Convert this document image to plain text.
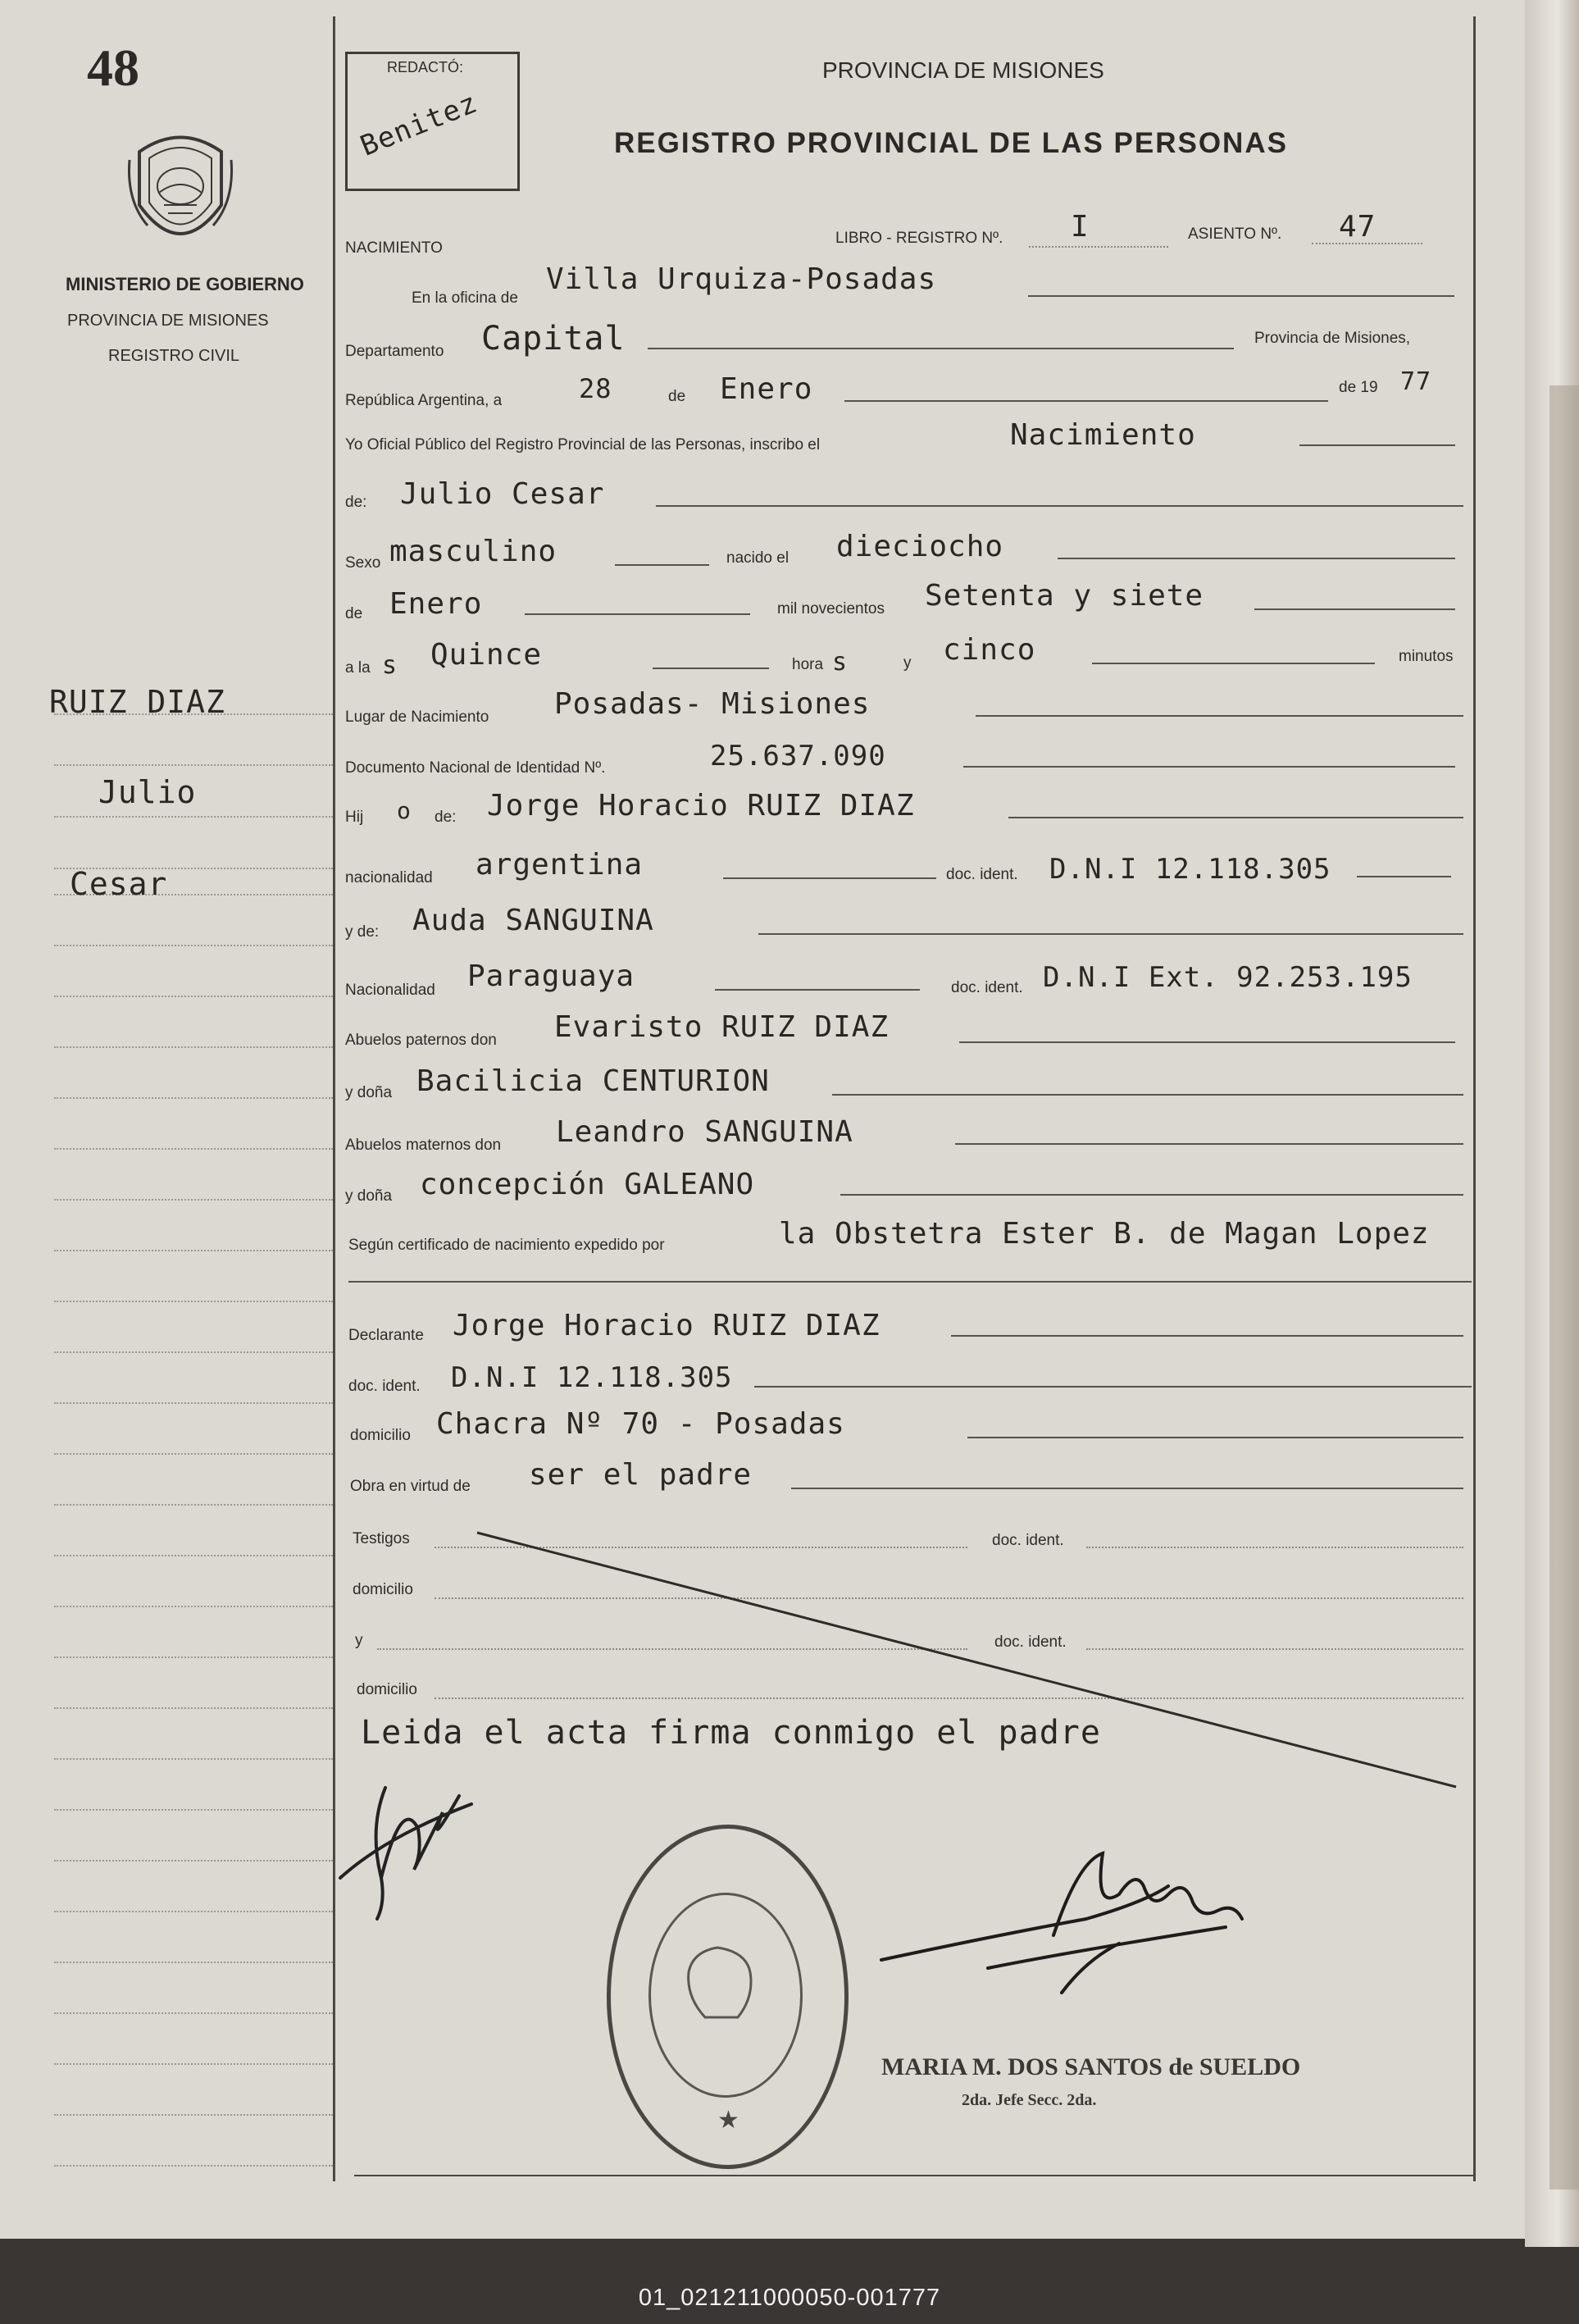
48	REDACTÓ:
Benitez
PROVINCIA DE MISIONES
REGISTRO PROVINCIAL DE LAS PERSONAS
MINISTERIO DE GOBIERNO
PROVINCIA DE MISIONES
REGISTRO CIVIL
RUIZ DIAZ
Julio
Cesar
NACIMIENTO
LIBRO - REGISTRO Nº. I	ASIENTO Nº. 47
En la oficina de
Villa Urquiza-Posadas
Departamento Capital	Provincia de Misiones,
República Argentina, a	28	de Enero	de 19 77
Yo Oficial Público del Registro Provincial de las Personas, inscribo el	Nacimiento
de: Julio Cesar
Sexo masculino	nacido el dieciocho
de Enero	mil novecientos Setenta y siete
a la s Quince	hora s	y cinco	minutos
Lugar de Nacimiento Posadas- Misiones
Documento Nacional de Identidad Nº.	25.637.090
Hij o de: Jorge Horacio RUIZ DIAZ
nacionalidad argentina	doc. ident. D.N.I 12.118.305
y de: Auda SANGUINA
Nacionalidad Paraguaya	doc. ident. D.N.I Ext. 92.253.195
Abuelos paternos don Evaristo RUIZ DIAZ
y doña Bacilicia CENTURION
Abuelos maternos don Leandro SANGUINA
y doña concepción GALEANO
Según certificado de nacimiento expedido por	la Obstetra Ester B. de Magan Lopez
Declarante Jorge Horacio RUIZ DIAZ
doc. ident. D.N.I 12.118.305
domicilio Chacra Nº 70 - Posadas
Obra en virtud de ser el padre
Testigos	doc. ident.
domicilio
y	doc. ident.
domicilio
Leida el acta firma conmigo el padre
★
MARIA M. DOS SANTOS de SUELDO
2da. Jefe Secc. 2da.
01_021211000050-001777
